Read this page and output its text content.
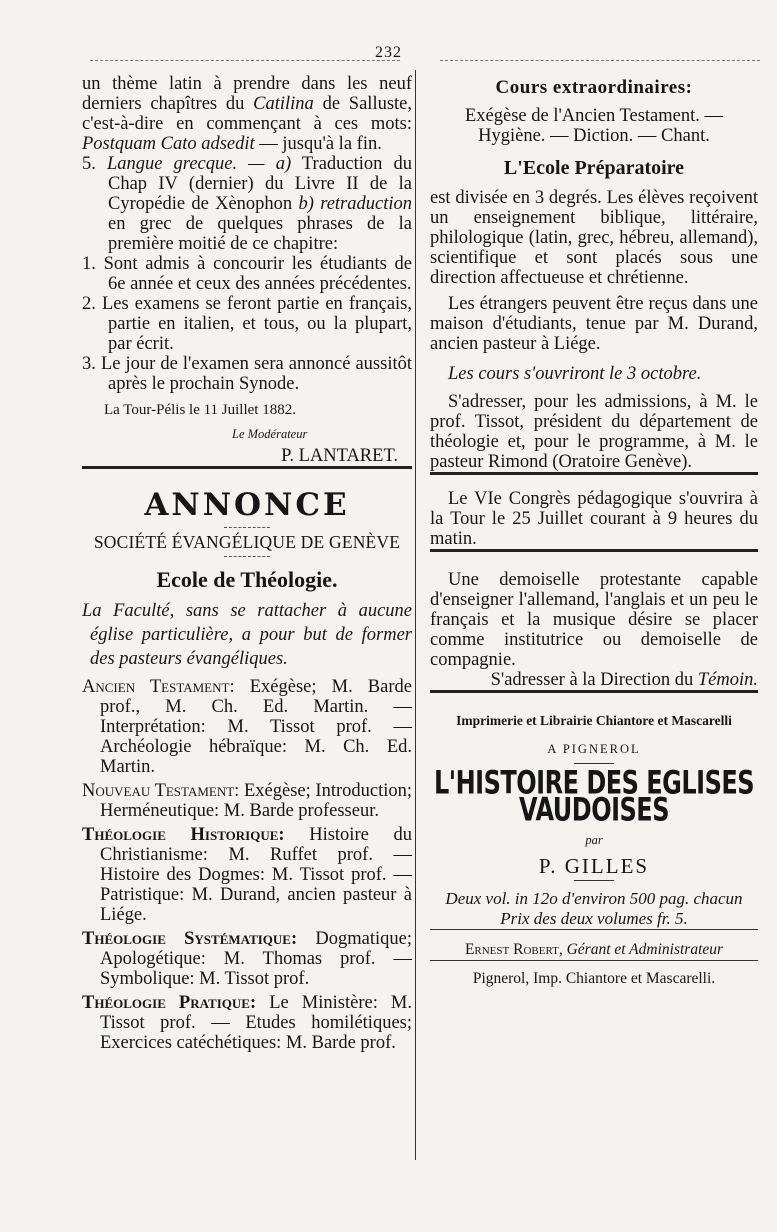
232
un thème latin à prendre dans les neuf derniers chapîtres du Catilina de Salluste, c'est-à-dire en commençant à ces mots: Postquam Cato adsedit — jusqu'à la fin.
5. Langue grecque. — a) Traduction du Chap IV (dernier) du Livre II de la Cyropédie de Xènophon b) retraduction en grec de quelques phrases de la première moitié de ce chapitre:
1. Sont admis à concourir les étudiants de 6e année et ceux des années précédentes.
2. Les examens se feront partie en français, partie en italien, et tous, ou la plupart, par écrit.
3. Le jour de l'examen sera annoncé aussitôt après le prochain Synode.
La Tour-Pélis le 11 Juillet 1882.
Le Modérateur
P. LANTARET.
ANNONCE
SOCIÉTÉ ÉVANGÉLIQUE DE GENÈVE
Ecole de Théologie.
La Faculté, sans se rattacher à aucune église particulière, a pour but de former des pasteurs évangéliques.
Ancien Testament: Exégèse; M. Barde prof., M. Ch. Ed. Martin. — Interprétation: M. Tissot prof. — Archéologie hébraïque: M. Ch. Ed. Martin.
Nouveau Testament: Exégèse; Introduction; Herméneutique: M. Barde professeur.
Théologie Historique: Histoire du Christianisme: M. Ruffet prof. — Histoire des Dogmes: M. Tissot prof. — Patristique: M. Durand, ancien pasteur à Liége.
Théologie Systématique: Dogmatique; Apologétique: M. Thomas prof. — Symbolique: M. Tissot prof.
Théologie Pratique: Le Ministère: M. Tissot prof. — Etudes homilétiques; Exercices catéchétiques: M. Barde prof.
Cours extraordinaires:
Exégèse de l'Ancien Testament. — Hygiène. — Diction. — Chant.
L'Ecole Préparatoire
est divisée en 3 degrés. Les élèves reçoivent un enseignement biblique, littéraire, philologique (latin, grec, hébreu, allemand), scientifique et sont placés sous une direction affectueuse et chrétienne.
Les étrangers peuvent être reçus dans une maison d'étudiants, tenue par M. Durand, ancien pasteur à Liége.
Les cours s'ouvriront le 3 octobre.
S'adresser, pour les admissions, à M. le prof. Tissot, président du département de théologie et, pour le programme, à M. le pasteur Rimond (Oratoire Genève).
Le VIe Congrès pédagogique s'ouvrira à la Tour le 25 Juillet courant à 9 heures du matin.
Une demoiselle protestante capable d'enseigner l'allemand, l'anglais et un peu le français et la musique désire se placer comme institutrice ou demoiselle de compagnie.
S'adresser à la Direction du Témoin.
Imprimerie et Librairie Chiantore et Mascarelli
A PIGNEROL
L'HISTOIRE DES EGLISES VAUDOISES
par
P. GILLES
Deux vol. in 12o d'environ 500 pag. chacun
Prix des deux volumes fr. 5.
Ernest Robert, Gérant et Administrateur
Pignerol, Imp. Chiantore et Mascarelli.
